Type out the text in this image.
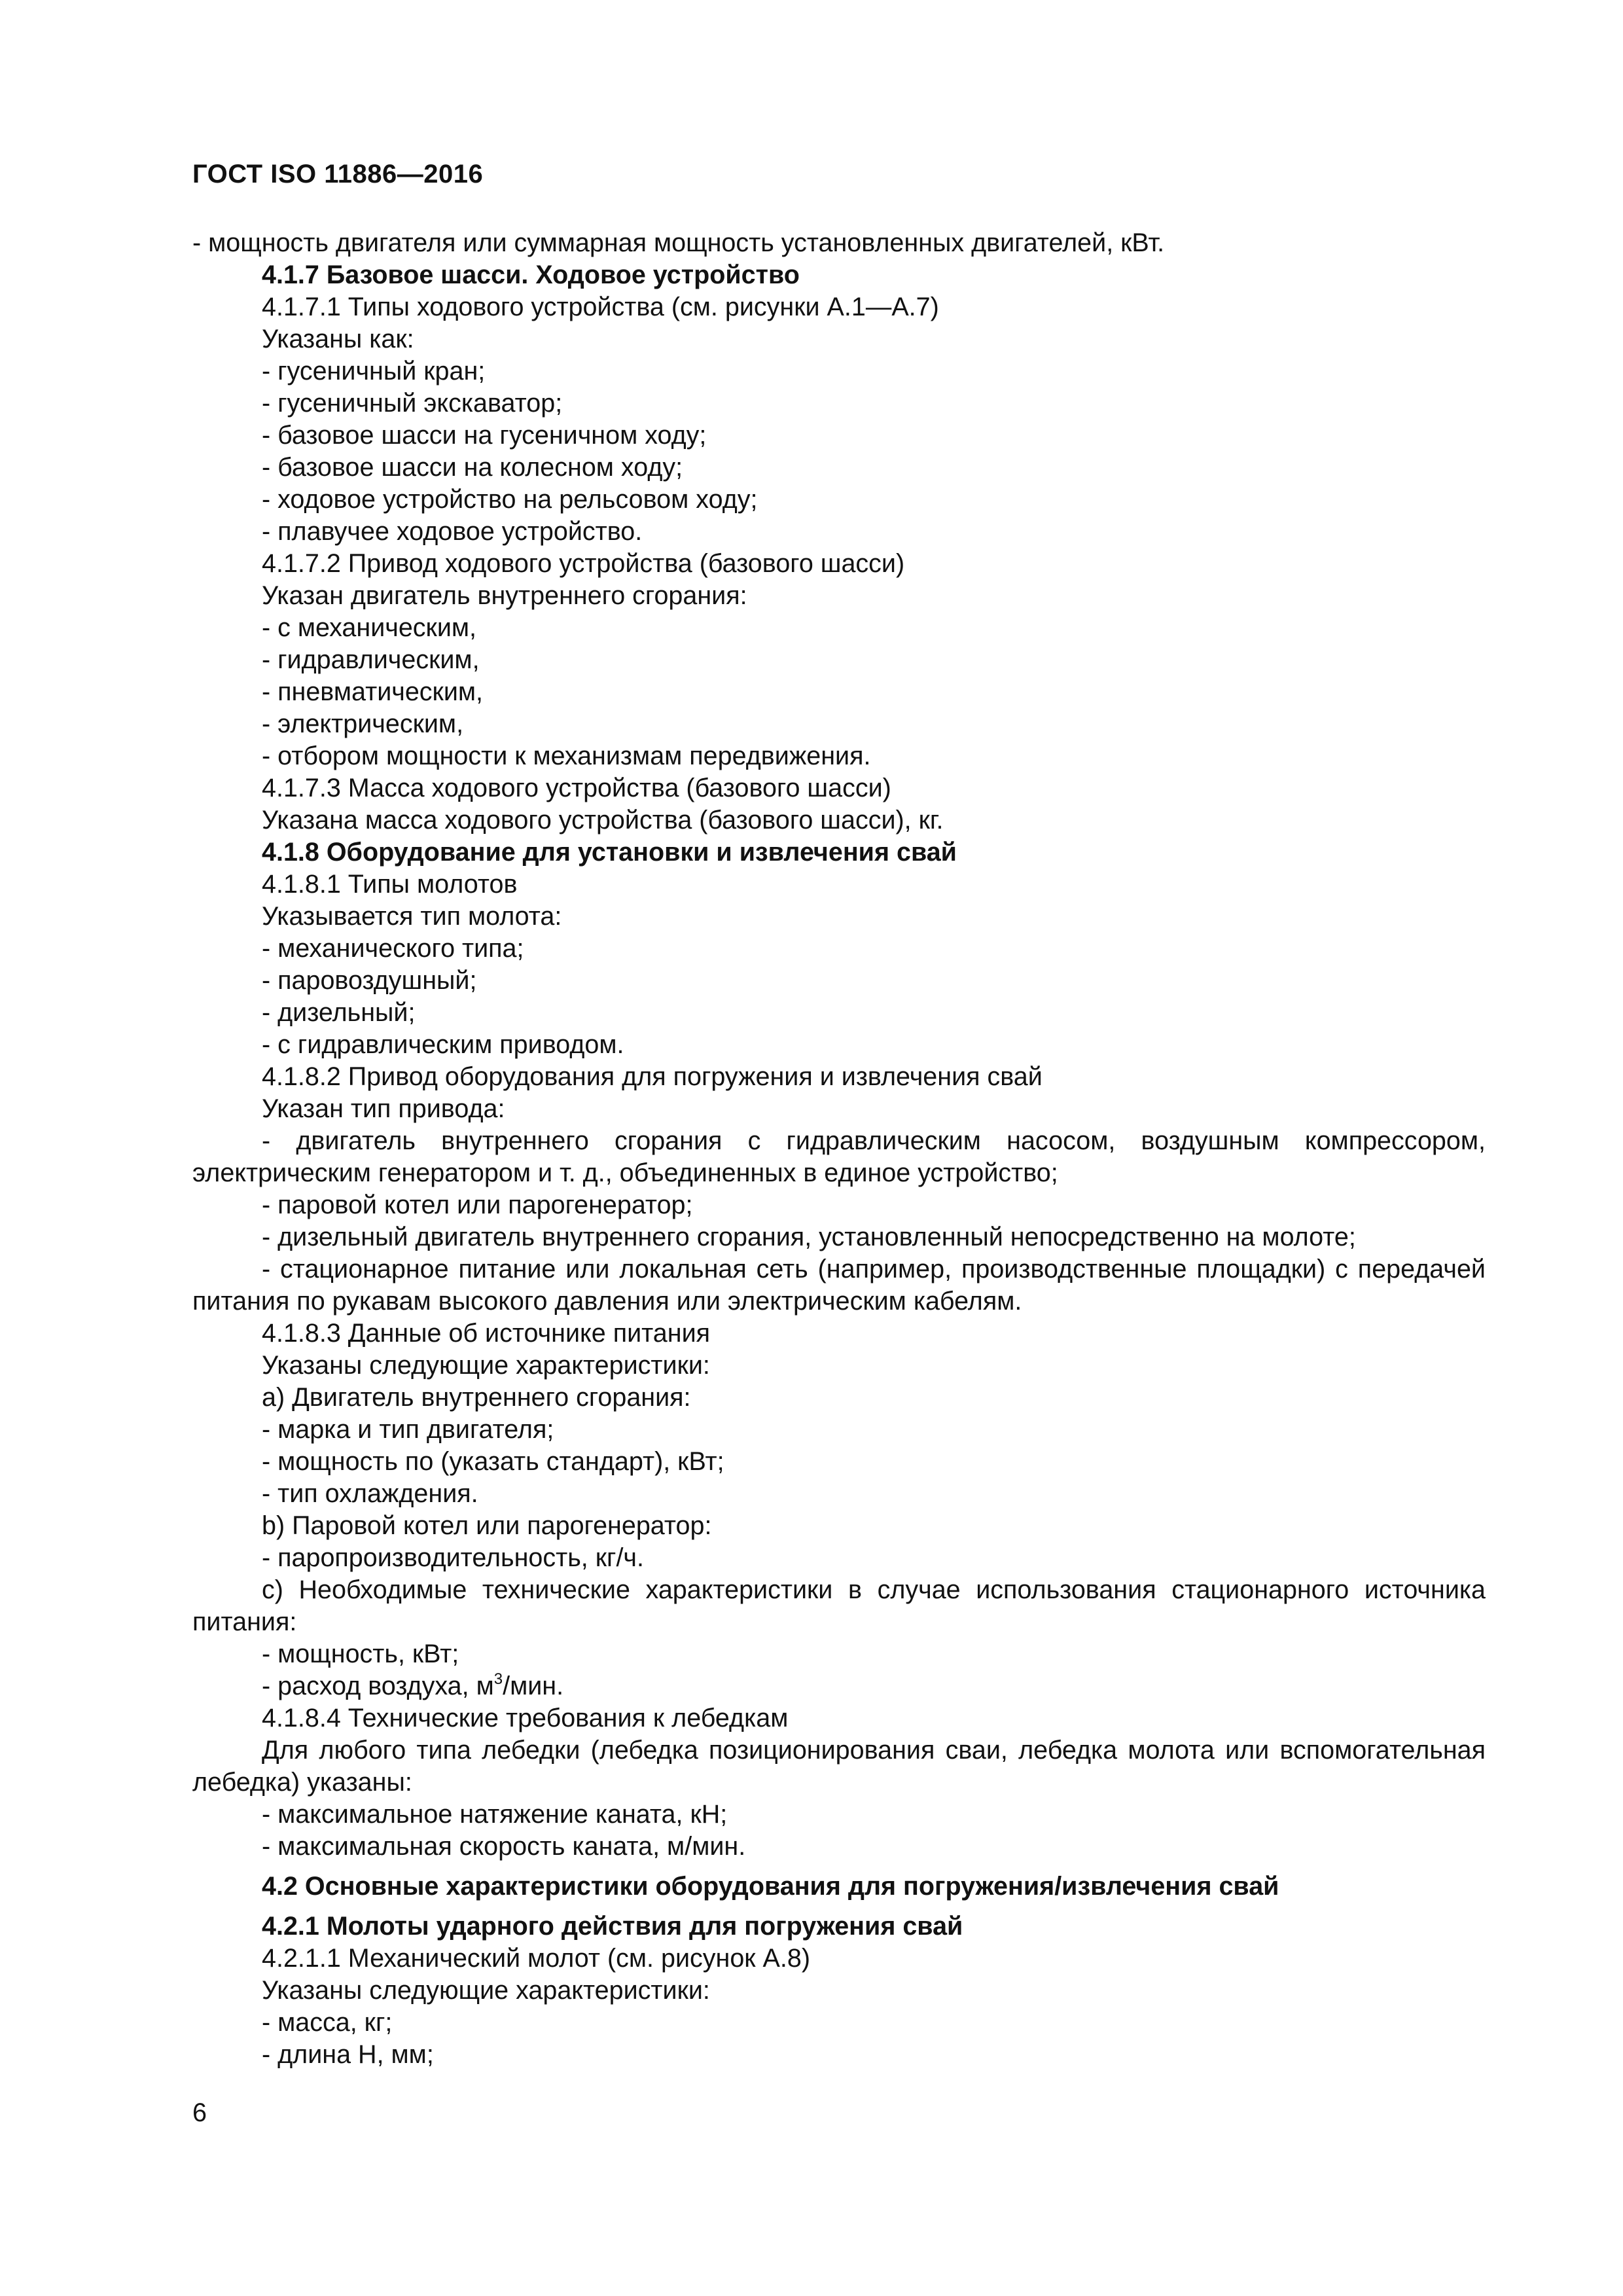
ГОСТ ISO 11886—2016
- мощность двигателя или суммарная мощность установленных двигателей, кВт.
4.1.7 Базовое шасси. Ходовое устройство
4.1.7.1 Типы ходового устройства (см. рисунки А.1—А.7)
Указаны как:
- гусеничный кран;
- гусеничный экскаватор;
- базовое шасси на гусеничном ходу;
- базовое шасси на колесном ходу;
- ходовое устройство на рельсовом ходу;
- плавучее ходовое устройство.
4.1.7.2 Привод ходового устройства (базового шасси)
Указан двигатель внутреннего сгорания:
- с механическим,
- гидравлическим,
- пневматическим,
- электрическим,
- отбором мощности к механизмам передвижения.
4.1.7.3 Масса ходового устройства (базового шасси)
Указана масса ходового устройства (базового шасси), кг.
4.1.8 Оборудование для установки и извлечения свай
4.1.8.1 Типы молотов
Указывается тип молота:
- механического типа;
- паровоздушный;
- дизельный;
- с гидравлическим приводом.
4.1.8.2 Привод оборудования для погружения и извлечения свай
Указан тип привода:
- двигатель внутреннего сгорания с гидравлическим насосом, воздушным компрессором, электрическим генератором и т. д., объединенных в единое устройство;
- паровой котел или парогенератор;
- дизельный двигатель внутреннего сгорания, установленный непосредственно на молоте;
- стационарное питание или локальная сеть (например, производственные площадки) с передачей питания по рукавам высокого давления или электрическим кабелям.
4.1.8.3 Данные об источнике питания
Указаны следующие характеристики:
a) Двигатель внутреннего сгорания:
- марка и тип двигателя;
- мощность по (указать стандарт), кВт;
- тип охлаждения.
b) Паровой котел или парогенератор:
- паропроизводительность, кг/ч.
c) Необходимые технические характеристики в случае использования стационарного источника питания:
- мощность, кВт;
- расход воздуха, $м^3$/мин.
4.1.8.4 Технические требования к лебедкам
Для любого типа лебедки (лебедка позиционирования сваи, лебедка молота или вспомогательная лебедка) указаны:
- максимальное натяжение каната, кН;
- максимальная скорость каната, м/мин.
4.2 Основные характеристики оборудования для погружения/извлечения свай
4.2.1 Молоты ударного действия для погружения свай
4.2.1.1 Механический молот (см. рисунок А.8)
Указаны следующие характеристики:
- масса, кг;
- длина H, мм;
6
